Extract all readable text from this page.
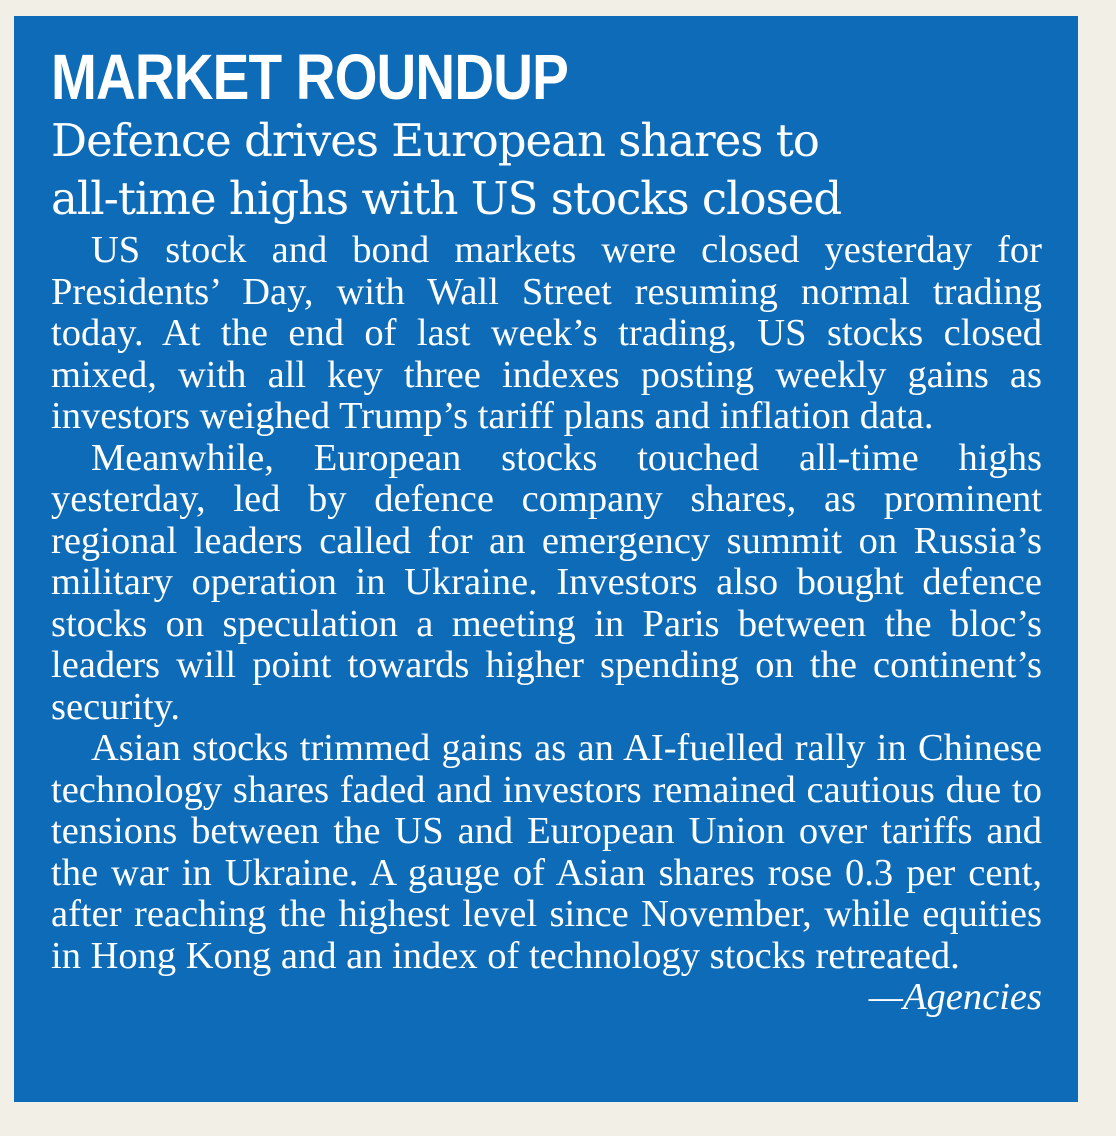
MARKET ROUNDUP
Defence drives European shares to
all-time highs with US stocks closed

US stock and bond markets were closed yesterday for Presidents’ Day, with Wall Street resuming normal trading today. At the end of last week’s trading, US stocks closed mixed, with all key three indexes posting weekly gains as investors weighed Trump’s tariff plans and inflation data.

Meanwhile, European stocks touched all-time highs yesterday, led by defence company shares, as prominent regional leaders called for an emergency summit on Russia’s military operation in Ukraine. Investors also bought defence stocks on speculation a meeting in Paris between the bloc’s leaders will point towards higher spending on the continent’s security.

Asian stocks trimmed gains as an AI-fuelled rally in Chinese technology shares faded and investors remained cautious due to tensions between the US and European Union over tariffs and the war in Ukraine. A gauge of Asian shares rose 0.3 per cent, after reaching the highest level since November, while equities in Hong Kong and an index of technology stocks retreated.
—Agencies
